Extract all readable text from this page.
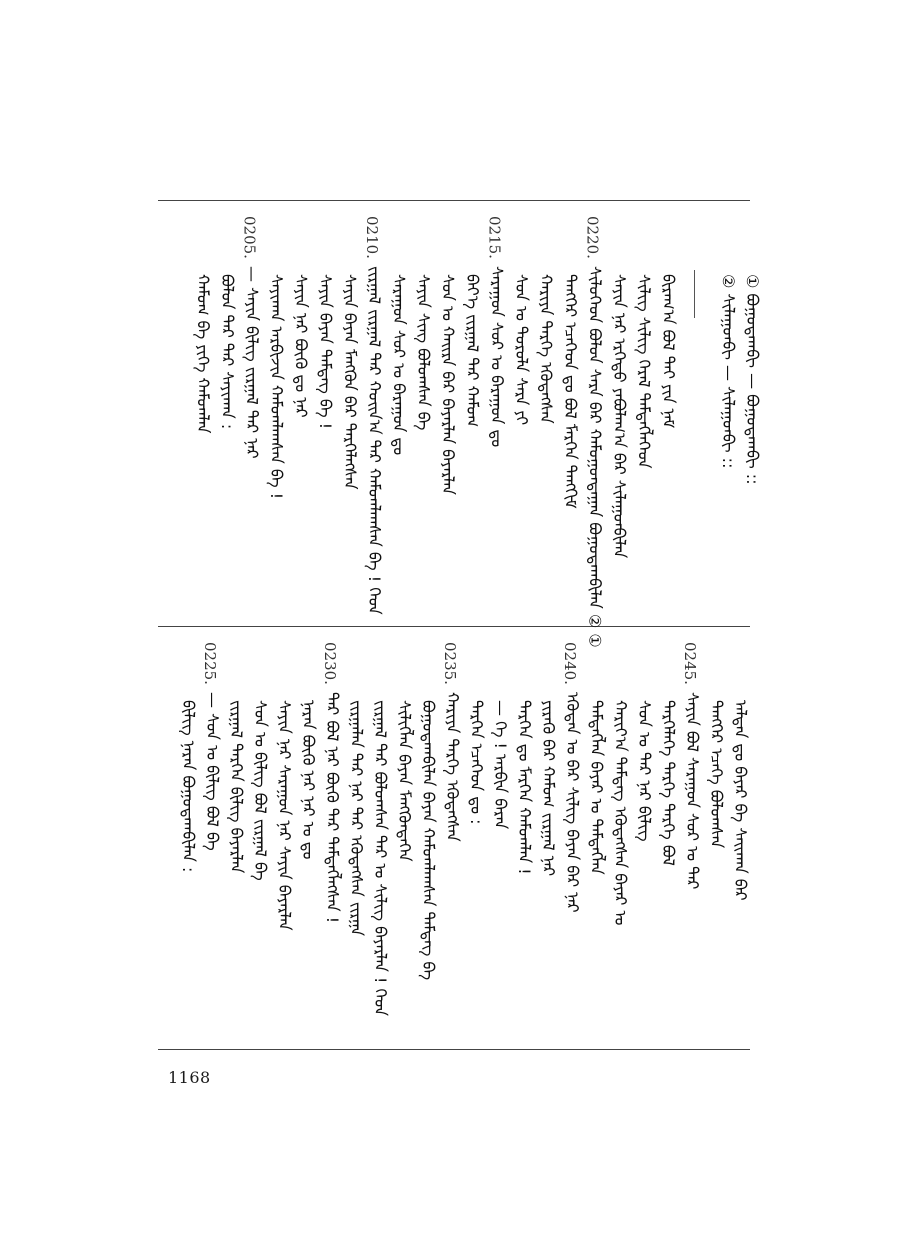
② ᠰᠢᠯᠠᠭᠤᠨᠪᠢ — ᠰᠢᠯᠠᠭᠤᠨᠪᠢ :: ① ᠪᠣᠭᠣᠳᠠᠭᠪᠢ — ᠪᠣᠭᠣᠳᠠᠭᠪᠢ ::
ᠪᠢᠷᠠᠭ᠎ᠠ ᠪᠣᠯ ᠳᠠᠢ ᠶᠢᠨ ᠨᠠᠮ
ᠰᠢᠯᠢᠭ ᠰᠢᠯᠢᠭ ᠭᠡᠷᠡᠯ ᠲᠡᠮᠳᠡᠭᠯᠡᠭᠡᠳ
ᠰᠠᠶᠢᠨ ᠨᠠᠷ ᠡᠷᠬᠡᠲᠦ ᠶᠠᠪᠤᠯᠠᠭ᠎ᠠ ᠪᠠᠷ ᠰᠢᠯᠠᠭᠤᠨᠪᠢᠯᠠᠨ
0220.
ᠰᠢᠯᠦᠭᠡᠳ ᠪᠣᠯᠤᠨ ᠰᠠᠷᠠ ᠪᠠᠷ ᠬᠠᠮᠤᠭᠤᠨᠳᠠᠭᠠᠨ ᠪᠣᠭᠣᠳᠠᠭᠪᠢᠯᠠᠨ ② ①
ᠲᠡᠩᠭᠡᠷ ᠡᠴᠡᠭᠡᠳ ᠳᠤ ᠪᠣᠯ ᠮᠡᠷᠭᠡᠨ ᠲᠡᠩᠬᠢᠮ
ᠬᠠᠷᠢᠶᠠ ᠲᠡᠷᠭᠡ ᠡᠭᠦᠳᠡᠭᠰᠡᠨ
ᠰᠣᠨ ᠤ ᠳᠣᠷᠤᠯᠠ ᠰᠠᠷᠠ ᠶᠢ
0215.
ᠰᠠᠷᠠᠭᠤᠨ ᠰᠤᠷ ᠤ ᠪᠠᠷᠠᠭᠤᠨ ᠳᠤ
ᠪᠡᠶ᠎ᠡ ᠵᠢᠷᠭᠠᠯ ᠲᠡᠷ ᠬᠠᠮᠤᠭ
ᠰᠣᠨ ᠤ ᠬᠠᠢᠷᠠ ᠪᠠᠷ ᠪᠠᠶᠠᠷᠯᠠᠨ ᠪᠠᠶᠠᠷᠯᠠᠨ
ᠰᠠᠶᠢᠨ ᠰᠢᠩ ᠪᠣᠯᠤᠭᠰᠠᠨ ᠪᠠ
ᠰᠠᠷᠠᠭᠤᠨ ᠰᠤᠷ ᠤ ᠪᠠᠷᠠᠭᠤᠨ ᠳᠤ
0210.
ᠵᠢᠷᠭᠠᠯ ᠵᠢᠷᠭᠠᠯ ᠲᠡᠷ ᠬᠣᠢᠨ᠎ᠠ ᠲᠡᠷ ᠬᠠᠮᠤᠭᠯᠠᠭᠰᠠᠨ ᠪᠠ ! ᠭᠡᠳ
ᠰᠠᠶᠢᠨ ᠪᠠᠶᠠᠨ ᠮᠡᠩᠭᠦᠨ ᠪᠠᠷ ᠲᠡᠷᠭᠡᠯᠡᠭᠰᠡᠨ
ᠰᠠᠶᠢᠨ ᠪᠠᠶᠠᠨ ᠲᠡᠮᠳᠡᠭ ᠪᠠ !
ᠰᠠᠶᠢᠨ ᠨᠠᠷ ᠪᠦᠬᠦ ᠳᠤ ᠨᠠᠷ
ᠰᠠᠶᠢᠬᠠᠨ ᠠᠷᠪᠢᠵᠢᠨ ᠬᠠᠮᠤᠭᠯᠠᠭᠰᠠᠨ ᠪᠠ !
0205.
— ᠰᠠᠶᠢᠨ ᠪᠢᠯᠢᠭ ᠵᠢᠷᠭᠠᠯ ᠲᠡᠷ ᠨᠠᠷ
ᠪᠣᠯᠤᠨ ᠲᠡᠷ ᠲᠡᠷ ᠰᠠᠶᠢᠬᠠᠨ :
ᠬᠠᠮᠤᠭ ᠪᠠ ᠶᠢᠭᠡ ᠬᠠᠮᠤᠭᠯᠠᠨ
ᠠᠯᠲᠠᠨ ᠳᠤ ᠪᠠᠶᠠᠷ ᠪᠠ ᠰᠠᠢᠬᠠᠨ ᠪᠠᠷ
ᠲᠡᠩᠭᠡᠷ ᠡᠴᠡᠭᠡ ᠪᠣᠯᠤᠭᠰᠠᠨ
0245.
ᠰᠠᠶᠢᠨ ᠪᠣᠯ ᠰᠠᠷᠠᠭᠤᠨ ᠰᠤᠷ ᠤ ᠲᠡᠷ
ᠲᠡᠷᠭᠡᠯᠡᠭᠡ ᠲᠡᠷᠭᠡ ᠲᠡᠷᠭᠡ ᠪᠣᠯ
ᠰᠣᠨ ᠤ ᠲᠡᠷ ᠨᠠᠷ ᠪᠢᠯᠢᠭ
ᠬᠠᠷᠢᠶ᠎ᠠ ᠲᠡᠮᠳᠡᠭ ᠡᠭᠦᠳᠡᠭᠰᠡᠨ ᠪᠠᠶᠠᠷ ᠤ
ᠲᠡᠮᠳᠡᠭᠯᠡᠨ ᠪᠠᠶᠠᠷ ᠤ ᠲᠡᠮᠳᠡᠭᠯᠡᠨ
0240.
ᠡᠭᠦᠳᠡᠨ ᠤ ᠪᠠᠷ ᠰᠢᠯᠢᠭ ᠪᠠᠶᠠᠨ ᠪᠠᠷ ᠨᠠᠷ
ᠶᠢᠷᠡᠭᠦ ᠪᠠᠷ ᠬᠠᠮᠤᠭ ᠵᠢᠷᠭᠠᠯ ᠨᠠᠷ
ᠲᠡᠷᠭᠡᠨ ᠳᠤ ᠮᠡᠷᠭᠡᠨ ᠬᠠᠮᠤᠭᠯᠠᠨ !
— ᠭᠡ ! ᠠᠷᠪᠢᠨ ᠪᠠᠷᠠᠨ
ᠲᠡᠷᠭᠡᠨ ᠡᠴᠡᠭᠡᠳ ᠳᠤ :
0235.
ᠬᠠᠷᠢᠶᠠ ᠲᠡᠷᠭᠡ ᠡᠭᠦᠳᠡᠭᠰᠡᠨ
ᠪᠣᠭᠣᠳᠠᠭᠪᠢᠯᠠᠨ ᠪᠠᠶᠠᠨ ᠬᠠᠮᠤᠭᠯᠠᠭᠰᠠᠨ ᠲᠡᠮᠳᠡᠭ ᠪᠠ
ᠰᠢᠯᠢᠭᠯᠡᠨ ᠪᠠᠶᠠᠨ ᠮᠡᠩᠭᠦᠨᠳᠡᠭᠡᠨ
ᠵᠢᠷᠭᠠᠯ ᠲᠡᠷ ᠪᠣᠯᠤᠭᠰᠠᠨ ᠲᠡᠷ ᠤ ᠰᠢᠯᠢᠭ ᠪᠠᠶᠠᠷᠯᠠᠨ ! ᠭᠡᠳ
ᠵᠢᠷᠭᠠᠯᠠᠨ ᠲᠡᠷ ᠨᠠᠷ ᠲᠡᠷ ᠡᠭᠦᠳᠡᠭᠰᠡᠨ ᠵᠢᠷᠭᠠ
0230.
ᠲᠡᠷ ᠪᠣᠯ ᠨᠠᠷ ᠪᠦᠬᠦ ᠲᠡᠷ ᠲᠡᠮᠳᠡᠭᠯᠡᠭᠰᠡᠨ !
ᠨᠠᠷᠠᠨ ᠪᠦᠬᠦ ᠨᠠᠷ ᠨᠠᠷ ᠤ ᠳᠤ
ᠰᠠᠶᠢᠨ ᠨᠠᠷ ᠰᠠᠷᠠᠭᠤᠨ ᠨᠠᠷ ᠰᠠᠶᠢᠨ ᠪᠠᠶᠠᠷᠯᠠᠨ
ᠰᠣᠨ ᠤ ᠪᠢᠯᠢᠭ ᠪᠣᠯ ᠵᠢᠷᠭᠠᠯ ᠪᠠ
ᠵᠢᠷᠭᠠᠯ ᠲᠡᠷᠭᠡᠨ ᠪᠢᠯᠢᠭ ᠪᠠᠶᠠᠷᠯᠠᠨ
0225.
— ᠰᠣᠨ ᠤ ᠪᠢᠯᠢᠭ ᠪᠣᠯ ᠪᠠ
ᠪᠢᠯᠢᠭ ᠨᠠᠷᠠᠨ ᠪᠣᠭᠣᠳᠠᠭᠪᠢᠯᠠᠨ :
1168
